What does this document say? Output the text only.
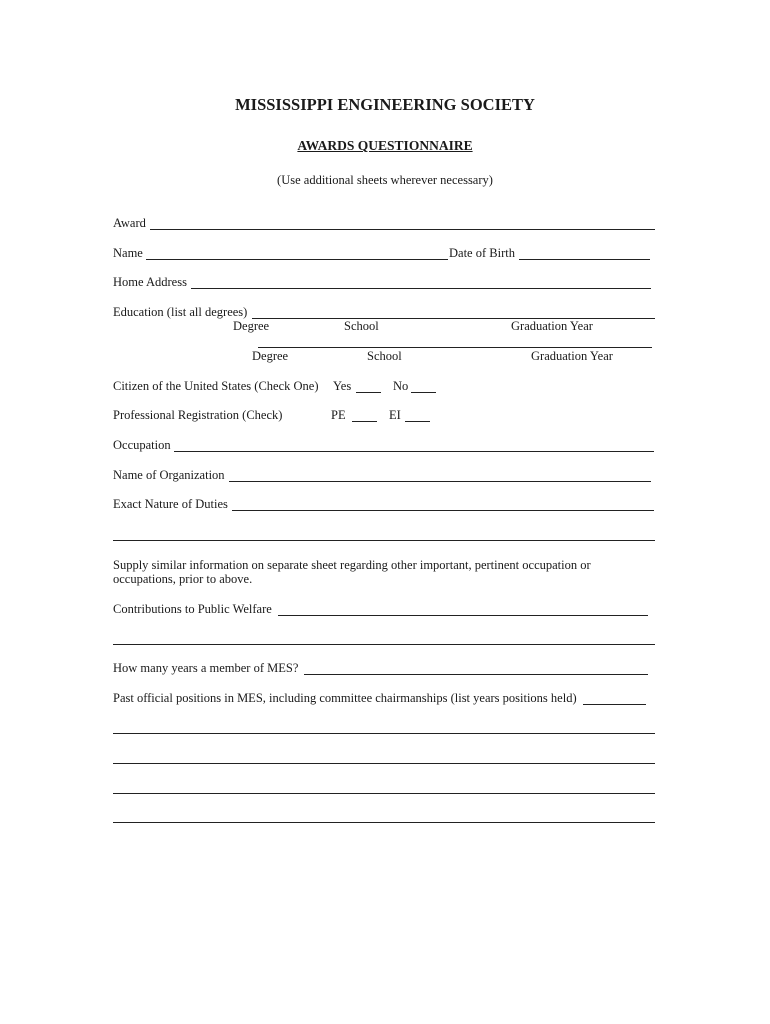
MISSISSIPPI ENGINEERING SOCIETY
AWARDS QUESTIONNAIRE
(Use additional sheets wherever necessary)
Award
Name	Date of Birth
Home Address
Education (list all degrees)
Degree	School	Graduation Year
Degree	School	Graduation Year
Citizen of the United States (Check One) Yes	No
Professional Registration (Check)	PE	EI
Occupation
Name of Organization
Exact Nature of Duties
Supply similar information on separate sheet regarding other important, pertinent occupation or
occupations, prior to above.
Contributions to Public Welfare
How many years a member of MES?
Past official positions in MES, including committee chairmanships (list years positions held)
